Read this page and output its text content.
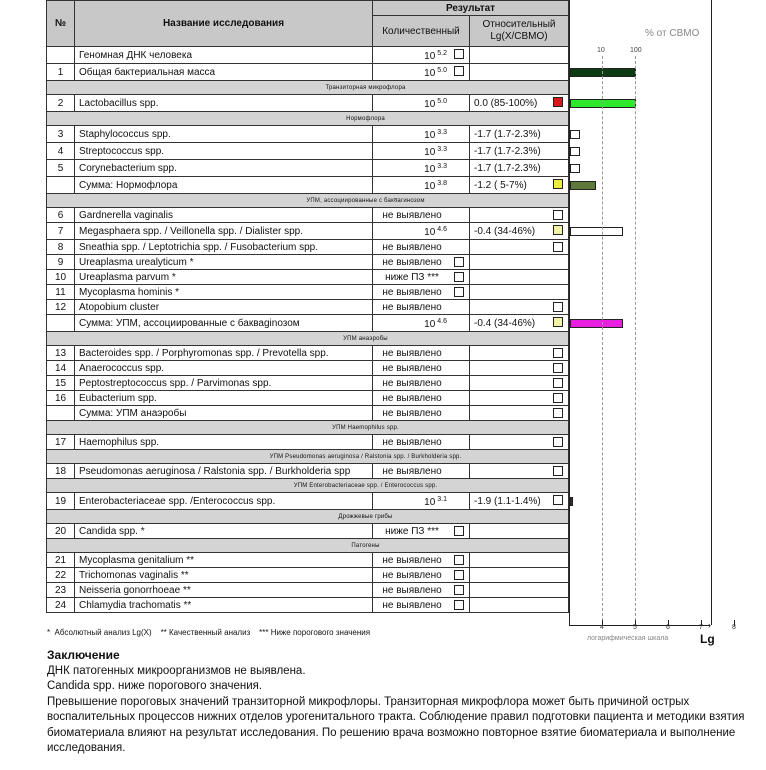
№	Название исследования	Результат	
		Количественный	Относительный Lg(X/СВМО)
	Геномная ДНК человека	10 $^{5.2}$

1	Общая бактериальная масса	10 $^{5.0}$

Транзиторная микрофлора			
2	Lactobacillus spp.	10 $^{5.0}$	0.0 (85-100%)

Нормофлора			
3	Staphylococcus spp.	10 $^{3.3}$	-1.7 (1.7-2.3%)
4	Streptococcus spp.	10 $^{3.3}$	-1.7 (1.7-2.3%)
5	Corynebacterium spp.	10 $^{3.3}$	-1.7 (1.7-2.3%)
	Сумма: Нормофлора	10 $^{3.8}$	-1.2 ( 5-7%)

УПМ, ассоциированные с бакवагинозом			
6	Gardnerella vaginalis	не выявлено	

7	Megasphaera spp. / Veillonella spp. / Dialister spp.	10 $^{4.6}$	-0.4 (34-46%)

8	Sneathia spp. / Leptotrichia spp. / Fusobacterium spp.	не выявлено	

9	Ureaplasma urealyticum *	не выявлено

10	Ureaplasma parvum *	ниже ПЗ ***

11	Mycoplasma hominis *	не выявлено

12	Atopobium cluster	не выявлено	

	Сумма: УПМ, ассоциированные с бакваginозом	10 $^{4.6}$	-0.4 (34-46%)

УПМ анаэробы			
13	Bacteroides spp. / Porphyromonas spp. / Prevotella spp.	не выявлено	

14	Anaerococcus spp.	не выявлено	

15	Peptostreptococcus spp. / Parvimonas spp.	не выявлено	

16	Eubacterium spp.	не выявлено	

	Сумма: УПМ анаэробы	не выявлено	

УПМ Haemophilus spp.			
17	Haemophilus spp.	не выявлено	

УПМ Pseudomonas aeruginosa / Ralstonia spp. / Burkholderia spp.			
18	Pseudomonas aeruginosa / Ralstonia spp. / Burkholderia spp	не выявлено	

УПМ Enterobacteriaceae spp. / Enterococcus spp.			
19	Enterobacteriaceae spp. /Enterococcus spp.	10 $^{3.1}$	-1.9 (1.1-1.4%)

Дрожжевые грибы			
20	Candida spp. *	ниже ПЗ ***

Патогены			
21	Mycoplasma genitalium **	не выявлено

22	Trichomonas vaginalis **	не выявлено

23	Neisseria gonorrhoeae **	не выявлено

24	Chlamydia trachomatis **	не выявлено

% от СВМО
›
логарифмическая шкала	Lg
10	100
4	5	6	7	8
*  Абсолютный анализ Lg(X)    ** Качественный анализ    *** Ниже порогового значения
Заключение
ДНК патогенных микроорганизмов не выявлена.
Candida spp. ниже порогового значения.
Превышение пороговых значений транзиторной микрофлоры. Транзиторная микрофлора может быть причиной острых воспалительных процессов нижних отделов урогенитального тракта. Соблюдение правил подготовки пациента и методики взятия биоматериала влияют на результат исследования. По решению врача возможно повторное взятие биоматериала и выполнение исследования.
